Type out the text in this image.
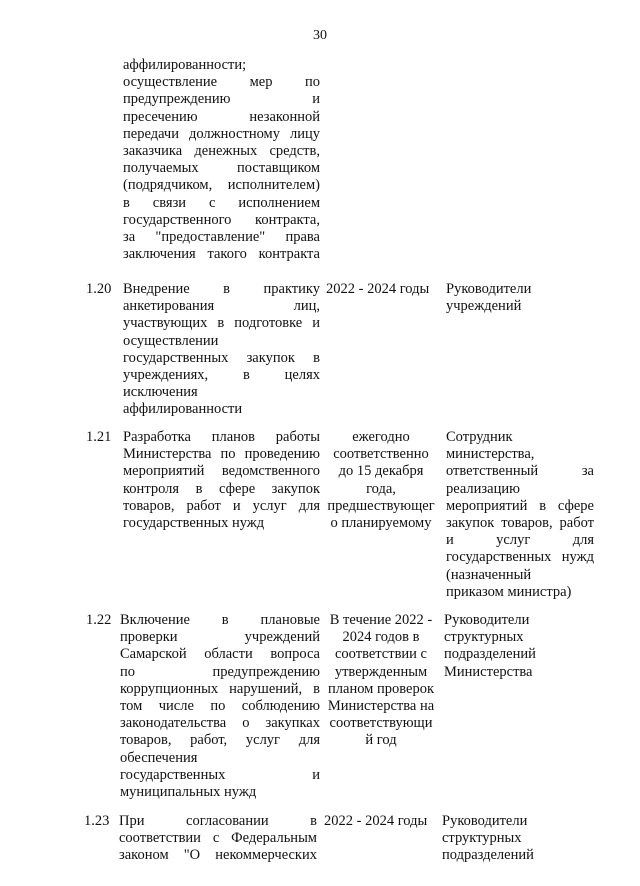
30
аффилированности;
осуществление мер по
предупреждению и
пресечению незаконной
передачи должностному лицу
заказчика денежных средств,
получаемых поставщиком
(подрядчиком, исполнителем)
в связи с исполнением
государственного контракта,
за "предоставление" права
заключения такого контракта
1.20 Внедрение в практику
анкетирования лиц,
участвующих в подготовке и
осуществлении
государственных закупок в
учреждениях, в целях
исключения
аффилированности
2022 - 2024 годы	Руководители
учреждений
1.21 Разработка планов работы
Министерства по проведению
мероприятий ведомственного
контроля в сфере закупок
товаров, работ и услуг для
государственных нужд
ежегодно
соответственно
до 15 декабря
года,
предшествующег
о планируемому
Сотрудник
министерства,
ответственный за
реализацию
мероприятий в сфере
закупок товаров, работ
и услуг для
государственных нужд
(назначенный
приказом министра)
1.22 Включение в плановые
проверки учреждений
Самарской области вопроса
по предупреждению
коррупционных нарушений, в
том числе по соблюдению
законодательства о закупках
товаров, работ, услуг для
обеспечения
государственных и
муниципальных нужд
В течение 2022 -
2024 годов в
соответствии с
утвержденным
планом проверок
Министерства на
соответствующи
й год
Руководители
структурных
подразделений
Министерства
1.23 При согласовании в
соответствии с Федеральным
законом "О некоммерческих
2022 - 2024 годы	Руководители
структурных
подразделений
